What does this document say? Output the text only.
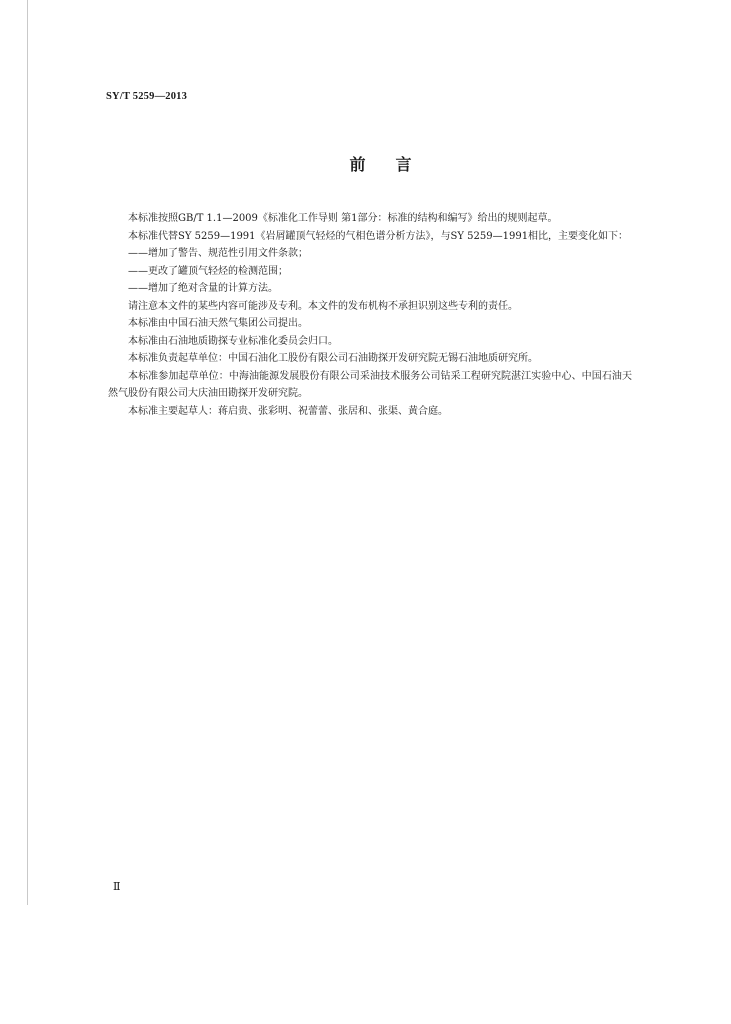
SY/T 5259—2013
前言

本标准按照GB/T 1.1—2009《标准化工作导则 第1部分：标准的结构和编写》给出的规则起草。

本标准代替SY 5259—1991《岩屑罐顶气轻烃的气相色谱分析方法》，与SY 5259—1991相比，主要变化如下：

——增加了警告、规范性引用文件条款；

——更改了罐顶气轻烃的检测范围；

——增加了绝对含量的计算方法。

请注意本文件的某些内容可能涉及专利。本文件的发布机构不承担识别这些专利的责任。

本标准由中国石油天然气集团公司提出。

本标准由石油地质勘探专业标准化委员会归口。

本标准负责起草单位：中国石油化工股份有限公司石油勘探开发研究院无锡石油地质研究所。

本标准参加起草单位：中海油能源发展股份有限公司采油技术服务公司钻采工程研究院湛江实验中心、中国石油天然气股份有限公司大庆油田勘探开发研究院。

本标准主要起草人：蒋启贵、张彩明、祝蕾蕾、张居和、张渠、黄合庭。

Ⅱ
